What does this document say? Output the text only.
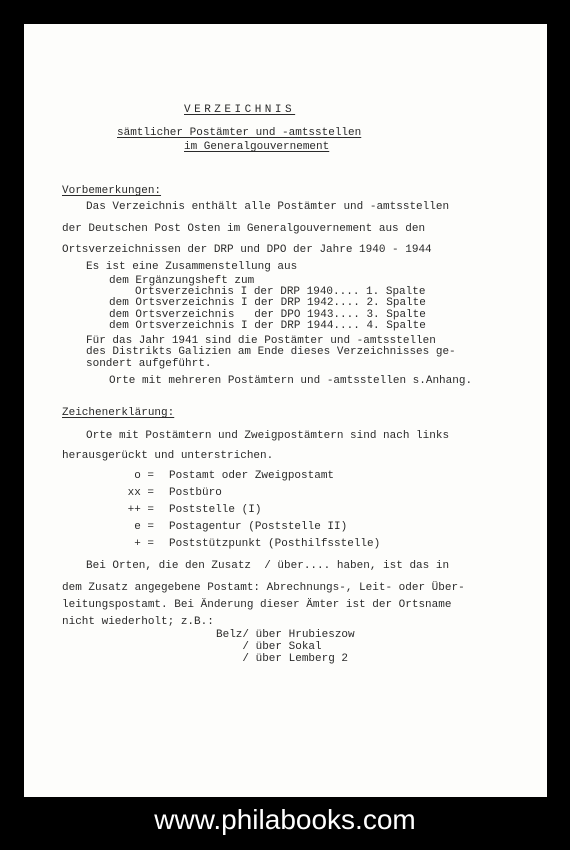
VERZEICHNIS
sämtlicher Postämter und -amtsstellen
im Generalgouvernement
Vorbemerkungen:
Das Verzeichnis enthält alle Postämter und -amtsstellen
der Deutschen Post Osten im Generalgouvernement aus den
Ortsverzeichnissen der DRP und DPO der Jahre 1940 - 1944
Es ist eine Zusammenstellung aus
dem Ergänzungsheft zum
Ortsverzeichnis I der DRP 1940.... 1. Spalte
dem Ortsverzeichnis I der DRP 1942.... 2. Spalte
dem Ortsverzeichnis   der DPO 1943.... 3. Spalte
dem Ortsverzeichnis I der DRP 1944.... 4. Spalte
Für das Jahr 1941 sind die Postämter und -amtsstellen
des Distrikts Galizien am Ende dieses Verzeichnisses ge-
sondert aufgeführt.
Orte mit mehreren Postämtern und -amtsstellen s.Anhang.
Zeichenerklärung:
Orte mit Postämtern und Zweigpostämtern sind nach links
herausgerückt und unterstrichen.
o = Postamt oder Zweigpostamt
xx = Postbüro
++ = Poststelle (I)
e = Postagentur (Poststelle II)
+ = Poststützpunkt (Posthilfsstelle)
Bei Orten, die den Zusatz  / über.... haben, ist das in
dem Zusatz angegebene Postamt: Abrechnungs-, Leit- oder Über-
leitungspostamt. Bei Änderung dieser Ämter ist der Ortsname
nicht wiederholt; z.B.:
Belz/ über Hrubieszow
/ über Sokal
/ über Lemberg 2
www.philabooks.com
